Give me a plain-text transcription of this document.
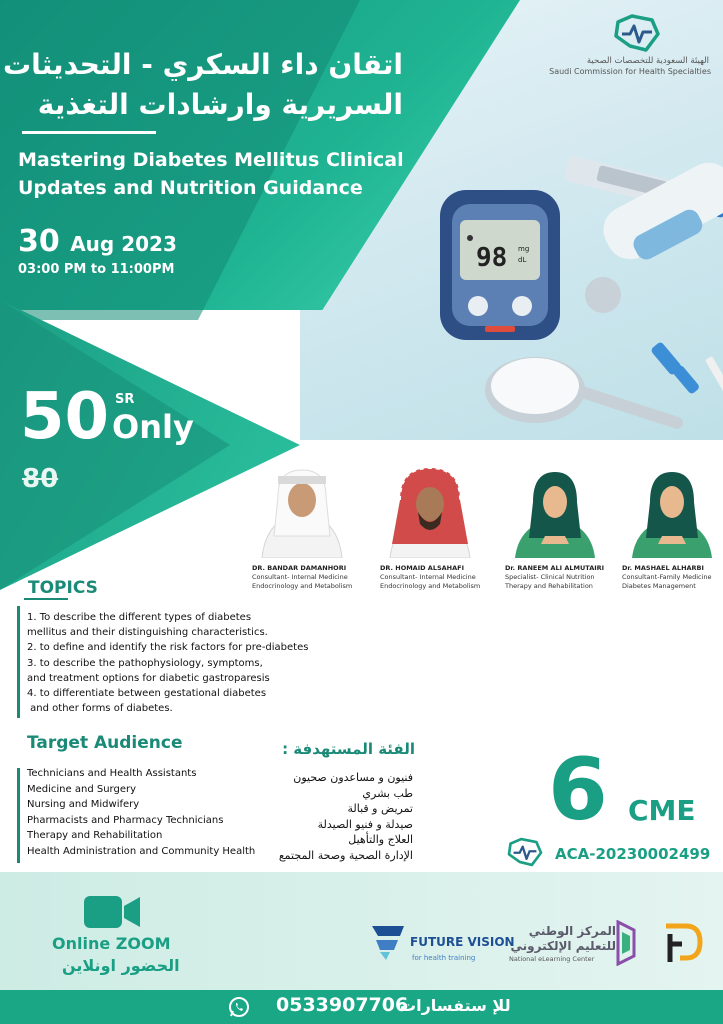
98 mg
dL
الهيئة السعودية للتخصصات الصحية
Saudi Commission for Health Specialties
اتقان داء السكري - التحديثات
السريرية وارشادات التغذية
Mastering Diabetes Mellitus Clinical
Updates and Nutrition Guidance
30 Aug 2023
03:00 PM to 11:00PM
50 SR
Only
80
DR. BANDAR DAMANHORI
Consultant- Internal Medicine
Endocrinology and Metabolism
DR. HOMAID ALSAHAFI
Consultant- Internal Medicine
Endocrinology and Metabolism
Dr. RANEEM ALI ALMUTAIRI
Specialist- Clinical Nutrition
Therapy and Rehabilitation
Dr. MASHAEL ALHARBI
Consultant-Family Medicine
Diabetes Management
TOPICS
1. To describe the different types of diabetes
mellitus and their distinguishing characteristics.
2. to define and identify the risk factors for pre-diabetes
3. to describe the pathophysiology, symptoms,
and treatment options for diabetic gastroparesis
4. to differentiate between gestational diabetes
and other forms of diabetes.
Target Audience
Technicians and Health Assistants
Medicine and Surgery
Nursing and Midwifery
Pharmacists and Pharmacy Technicians
Therapy and Rehabilitation
Health Administration and Community Health
الفئة المستهدفة :
فنيون و مساعدون صحيون
طب بشري
تمريض و قبالة
صيدلة و فنيو الصيدلة
العلاج والتأهيل
الإدارة الصحية وصحة المجتمع
6 CME
ACA-20230002499
Online ZOOM
الحضور اونلاين
FUTURE VISION
for health training
المركز الوطني
للتعليم الإلكتروني
National eLearning Center
0533907706
للإ ستفسارات
